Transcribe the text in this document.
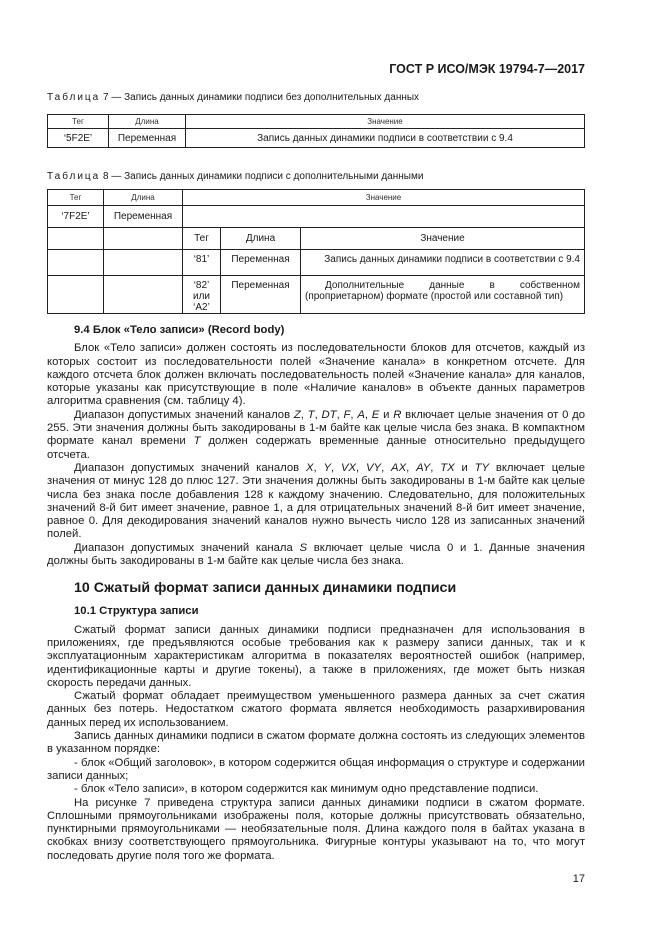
ГОСТ Р ИСО/МЭК 19794-7—2017
Таблица 7 — Запись данных динамики подписи без дополнительных данных
Тег	Длина	Значение
‘5F2E’	Переменная	Запись данных динамики подписи в соответствии с 9.4
Таблица 8 — Запись данных динамики подписи с дополнительными данными
Тег	Длина	Значение		
‘7F2E’	Переменная			
		Тег	Длина	Значение
		‘81’	Переменная	Запись данных динамики подписи в соответствии с 9.4
		‘82’ или ‘A2’	Переменная	Дополнительные данные в собственном (проприетарном) формате (простой или составной тип)
9.4 Блок «Тело записи» (Record body)

Блок «Тело записи» должен состоять из последовательности блоков для отсчетов, каждый из которых состоит из последовательности полей «Значение канала» в конкретном отсчете. Для каждого отсчета блок должен включать последовательность полей «Значение канала» для каналов, которые указаны как присутствующие в поле «Наличие каналов» в объекте данных параметров алгоритма сравнения (см. таблицу 4).

Диапазон допустимых значений каналов Z, T, DT, F, A, E и R включает целые значения от 0 до 255. Эти значения должны быть закодированы в 1-м байте как целые числа без знака. В компактном формате канал времени T должен содержать временные данные относительно предыдущего отсчета.

Диапазон допустимых значений каналов X, Y, VX, VY, AX, AY, TX и TY включает целые значения от минус 128 до плюс 127. Эти значения должны быть закодированы в 1-м байте как целые числа без знака после добавления 128 к каждому значению. Следовательно, для положительных значений 8-й бит имеет значение, равное 1, а для отрицательных значений 8-й бит имеет значение, равное 0. Для декодирования значений каналов нужно вычесть число 128 из записанных значений полей.

Диапазон допустимых значений канала S включает целые числа 0 и 1. Данные значения должны быть закодированы в 1-м байте как целые числа без знака.

10 Сжатый формат записи данных динамики подписи
10.1 Структура записи

Сжатый формат записи данных динамики подписи предназначен для использования в приложениях, где предъявляются особые требования как к размеру записи данных, так и к эксплуатационным характеристикам алгоритма в показателях вероятностей ошибок (например, идентификационные карты и другие токены), а также в приложениях, где может быть низкая скорость передачи данных.

Сжатый формат обладает преимуществом уменьшенного размера данных за счет сжатия данных без потерь. Недостатком сжатого формата является необходимость разархивирования данных перед их использованием.

Запись данных динамики подписи в сжатом формате должна состоять из следующих элементов в указанном порядке:

- блок «Общий заголовок», в котором содержится общая информация о структуре и содержании записи данных;

- блок «Тело записи», в котором содержится как минимум одно представление подписи.

На рисунке 7 приведена структура записи данных динамики подписи в сжатом формате. Сплошными прямоугольниками изображены поля, которые должны присутствовать обязательно, пунктирными прямоугольниками — необязательные поля. Длина каждого поля в байтах указана в скобках внизу соответствующего прямоугольника. Фигурные контуры указывают на то, что могут последовать другие поля того же формата.

17
